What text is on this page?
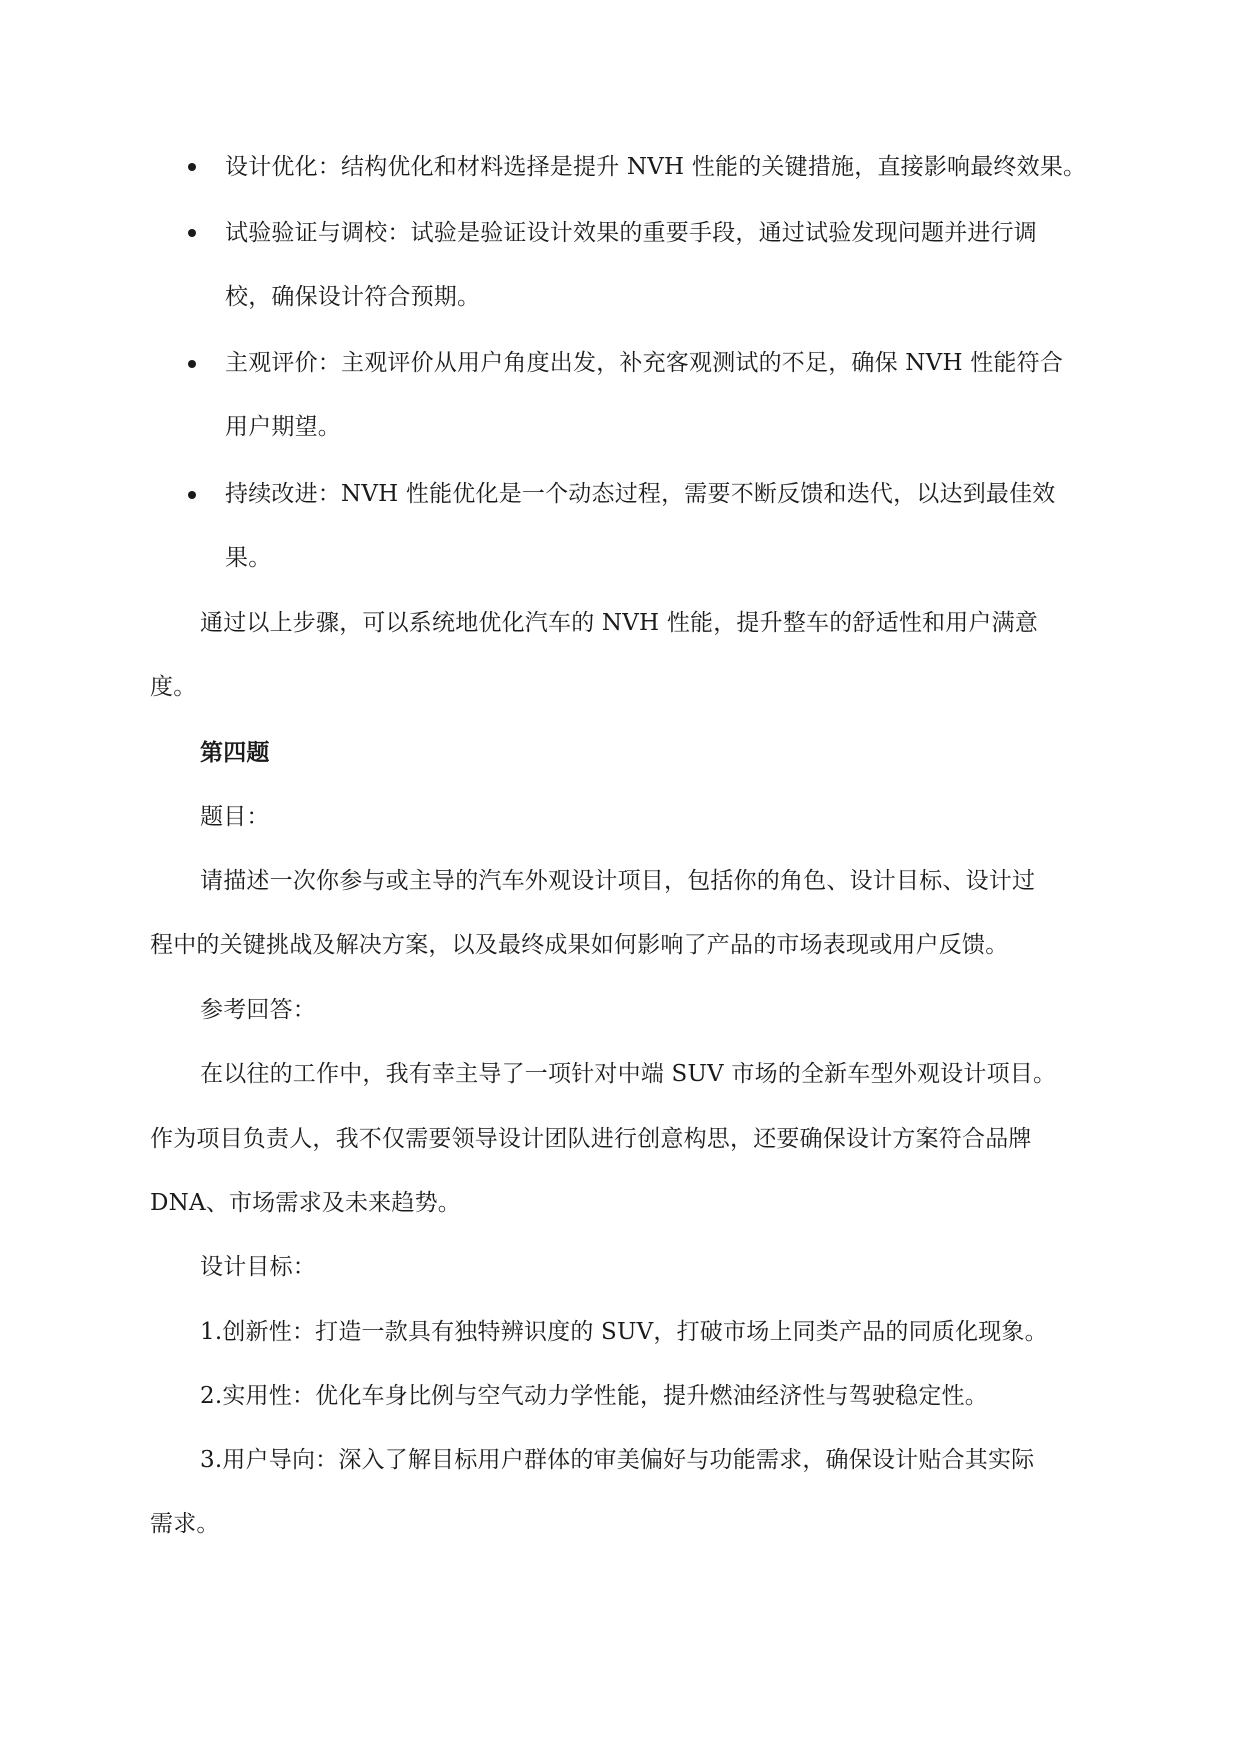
设计优化：结构优化和材料选择是提升 NVH 性能的关键措施，直接影响最终效果。
试验验证与调校：试验是验证设计效果的重要手段，通过试验发现问题并进行调
校，确保设计符合预期。
主观评价：主观评价从用户角度出发，补充客观测试的不足，确保 NVH 性能符合
用户期望。
持续改进：NVH 性能优化是一个动态过程，需要不断反馈和迭代，以达到最佳效
果。
通过以上步骤，可以系统地优化汽车的 NVH 性能，提升整车的舒适性和用户满意
度。
第四题
题目：
请描述一次你参与或主导的汽车外观设计项目，包括你的角色、设计目标、设计过
程中的关键挑战及解决方案，以及最终成果如何影响了产品的市场表现或用户反馈。
参考回答：
在以往的工作中，我有幸主导了一项针对中端 SUV 市场的全新车型外观设计项目。
作为项目负责人，我不仅需要领导设计团队进行创意构思，还要确保设计方案符合品牌
DNA、市场需求及未来趋势。
设计目标：
1.创新性：打造一款具有独特辨识度的 SUV，打破市场上同类产品的同质化现象。
2.实用性：优化车身比例与空气动力学性能，提升燃油经济性与驾驶稳定性。
3.用户导向：深入了解目标用户群体的审美偏好与功能需求，确保设计贴合其实际
需求。
